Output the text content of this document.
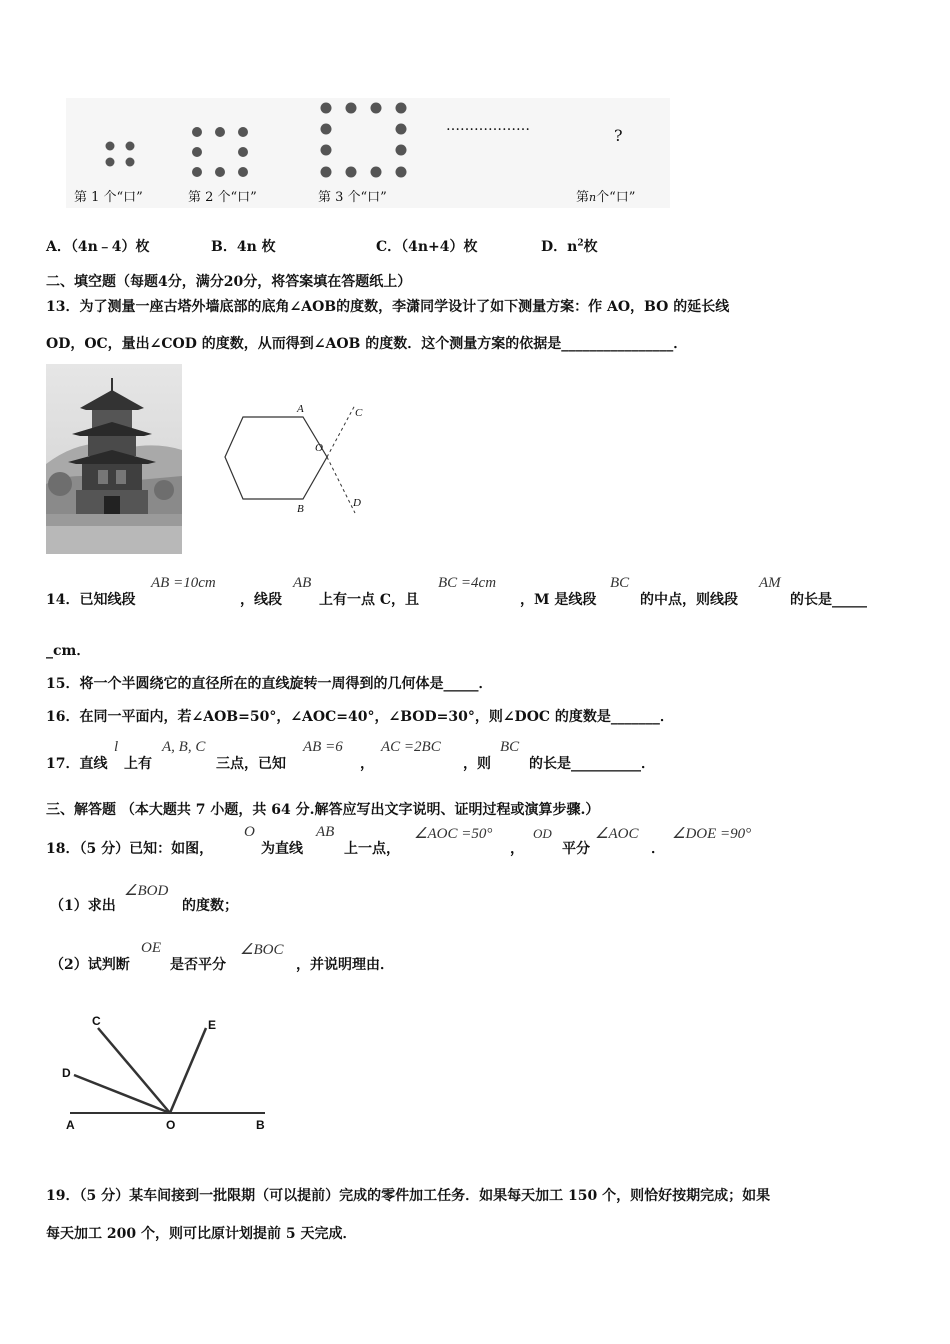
………………	?
第 1 个“口”	第 2 个“口”	第 3 个“口”	第n个“口”
A．（4n﹣4）枚	B．4n 枚	C．（4n+4）枚	D．$n^2$枚
二、填空题（每题4分，满分20分，将答案填在答题纸上）
13．为了测量一座古塔外墙底部的底角∠AOB的度数，李潇同学设计了如下测量方案：作 AO，BO 的延长线
OD，OC，量出∠COD 的度数，从而得到∠AOB 的度数．这个测量方案的依据是________________．
A
B
C
D
O
14．已知线段
AB =10cm
，线段
AB
上有一点 C，且
BC =4cm
，M 是线段
BC
的中点，则线段
AM
的长是_____
_cm．
15．将一个半圆绕它的直径所在的直线旋转一周得到的几何体是_____．
16．在同一平面内，若∠AOB=50°，∠AOC=40°，∠BOD=30°，则∠DOC 的度数是_______．
17．直线
l
上有
A, B, C
三点，已知
AB =6
，
AC =2BC
，则
BC
的长是__________．
三、解答题 （本大题共 7 小题，共 64 分.解答应写出文字说明、证明过程或演算步骤.）
18．（5 分）已知：如图，
O
为直线
AB
上一点，
∠AOC =50°
，
OD
平分
∠AOC
．
∠DOE =90°
（1）求出
∠BOD
的度数；
（2）试判断
OE
是否平分
∠BOC
，并说明理由．
A	O	B
C
D
E
19．（5 分）某车间接到一批限期（可以提前）完成的零件加工任务．如果每天加工 150 个，则恰好按期完成；如果
每天加工 200 个，则可比原计划提前 5 天完成．
